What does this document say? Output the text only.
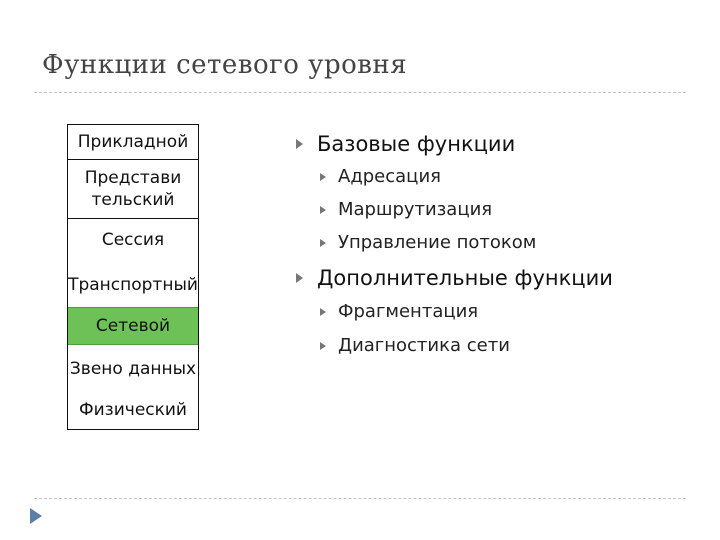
Функции сетевого уровня
Прикладной
Представи
тельский
Сессия
Транспортный
Сетевой
Звено данных
Физический
Базовые функции
Адресация
Маршрутизация
Управление потоком
Дополнительные функции
Фрагментация
Диагностика сети
